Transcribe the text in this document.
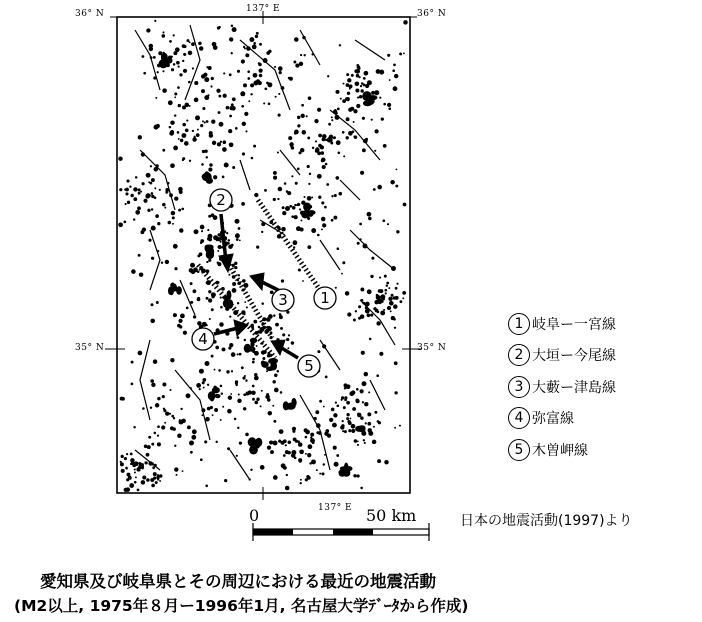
2
3 1
4
5
36° N	137° E	36° N
35° N	35° N
137° E
0	50 km
1 岐阜ー一宮線
2 大垣ー今尾線
3 大藪ー津島線
4 弥富線
5 木曽岬線
日本の地震活動(1997)より
愛知県及び岐阜県とその周辺における最近の地震活動
(M2以上, 1975年８月ー1996年1月, 名古屋大学ﾃﾞｰﾀから作成)
